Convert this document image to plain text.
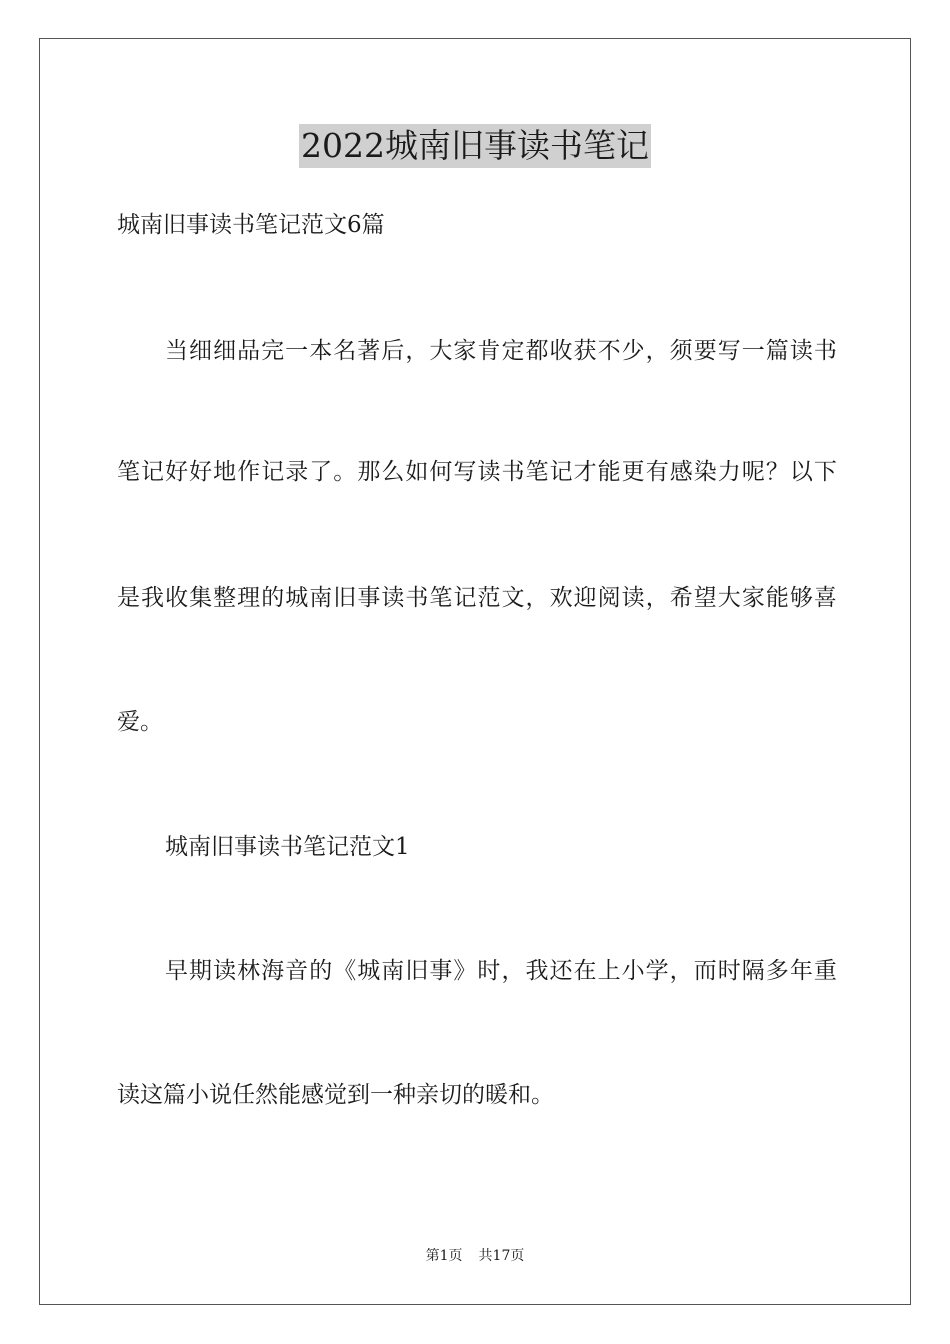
2022城南旧事读书笔记
城南旧事读书笔记范文6篇
当 细 细 品 完 一 本 名 著 后 ， 大 家 肯 定 都 收 获 不 少 ， 须 要 写 一 篇 读 书
笔 记 好 好 地 作 记 录 了 。 那 么 如 何 写 读 书 笔 记 才 能 更 有 感 染 力 呢 ？ 以 下
是 我 收 集 整 理 的 城 南 旧 事 读 书 笔 记 范 文 ， 欢 迎 阅 读 ， 希 望 大 家 能 够 喜
爱。
城南旧事读书笔记范文1
早 期 读 林 海 音 的 《 城 南 旧 事 》 时 ， 我 还 在 上 小 学 ， 而 时 隔 多 年 重
读这篇小说任然能感觉到一种亲切的暖和。
第1页 共17页
